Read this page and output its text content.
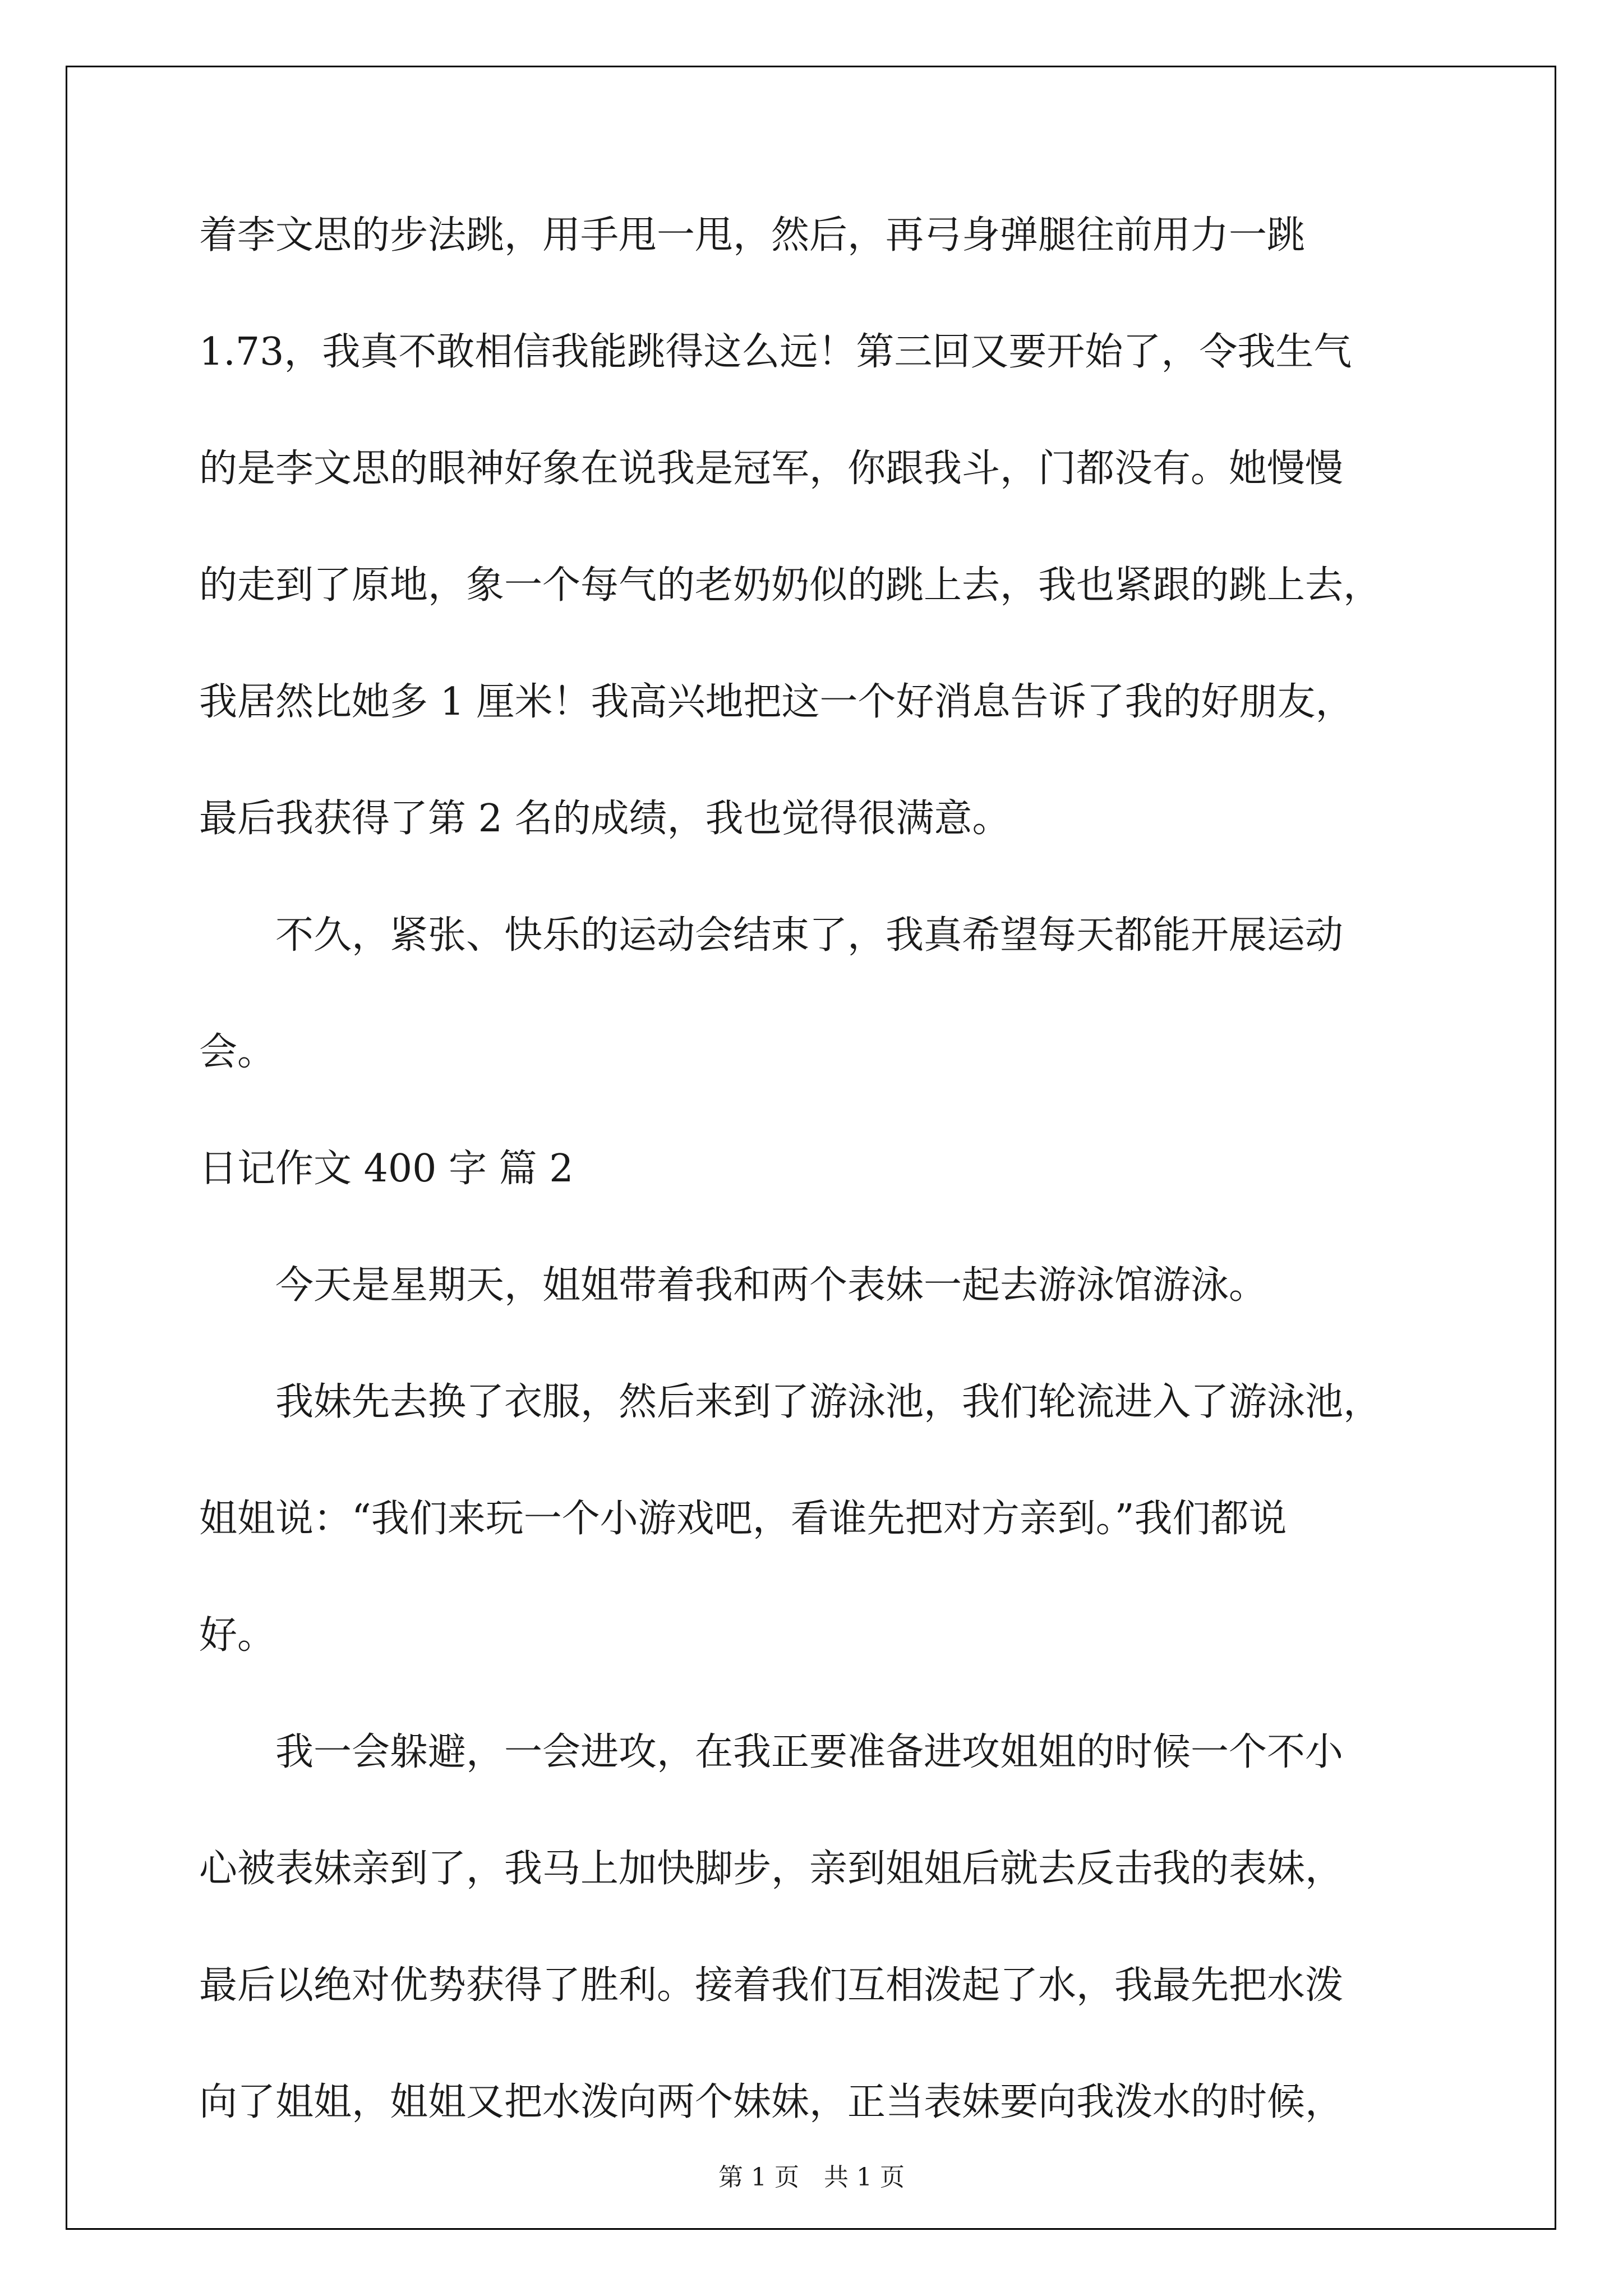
着李文思的步法跳，用手甩一甩，然后，再弓身弹腿往前用力一跳
1.73，我真不敢相信我能跳得这么远！第三回又要开始了，令我生气
的是李文思的眼神好象在说我是冠军，你跟我斗，门都没有。她慢慢
的走到了原地，象一个每气的老奶奶似的跳上去，我也紧跟的跳上去，
我居然比她多 1 厘米！我高兴地把这一个好消息告诉了我的好朋友，
最后我获得了第 2 名的成绩，我也觉得很满意。
不久，紧张、快乐的运动会结束了，我真希望每天都能开展运动
会。
日记作文 400 字 篇 2
今天是星期天，姐姐带着我和两个表妹一起去游泳馆游泳。
我妹先去换了衣服，然后来到了游泳池，我们轮流进入了游泳池，
姐姐说：“我们来玩一个小游戏吧，看谁先把对方亲到。”我们都说
好。
我一会躲避，一会进攻，在我正要准备进攻姐姐的时候一个不小
心被表妹亲到了，我马上加快脚步，亲到姐姐后就去反击我的表妹，
最后以绝对优势获得了胜利。接着我们互相泼起了水，我最先把水泼
向了姐姐，姐姐又把水泼向两个妹妹，正当表妹要向我泼水的时候，
第 1 页　共 1 页
